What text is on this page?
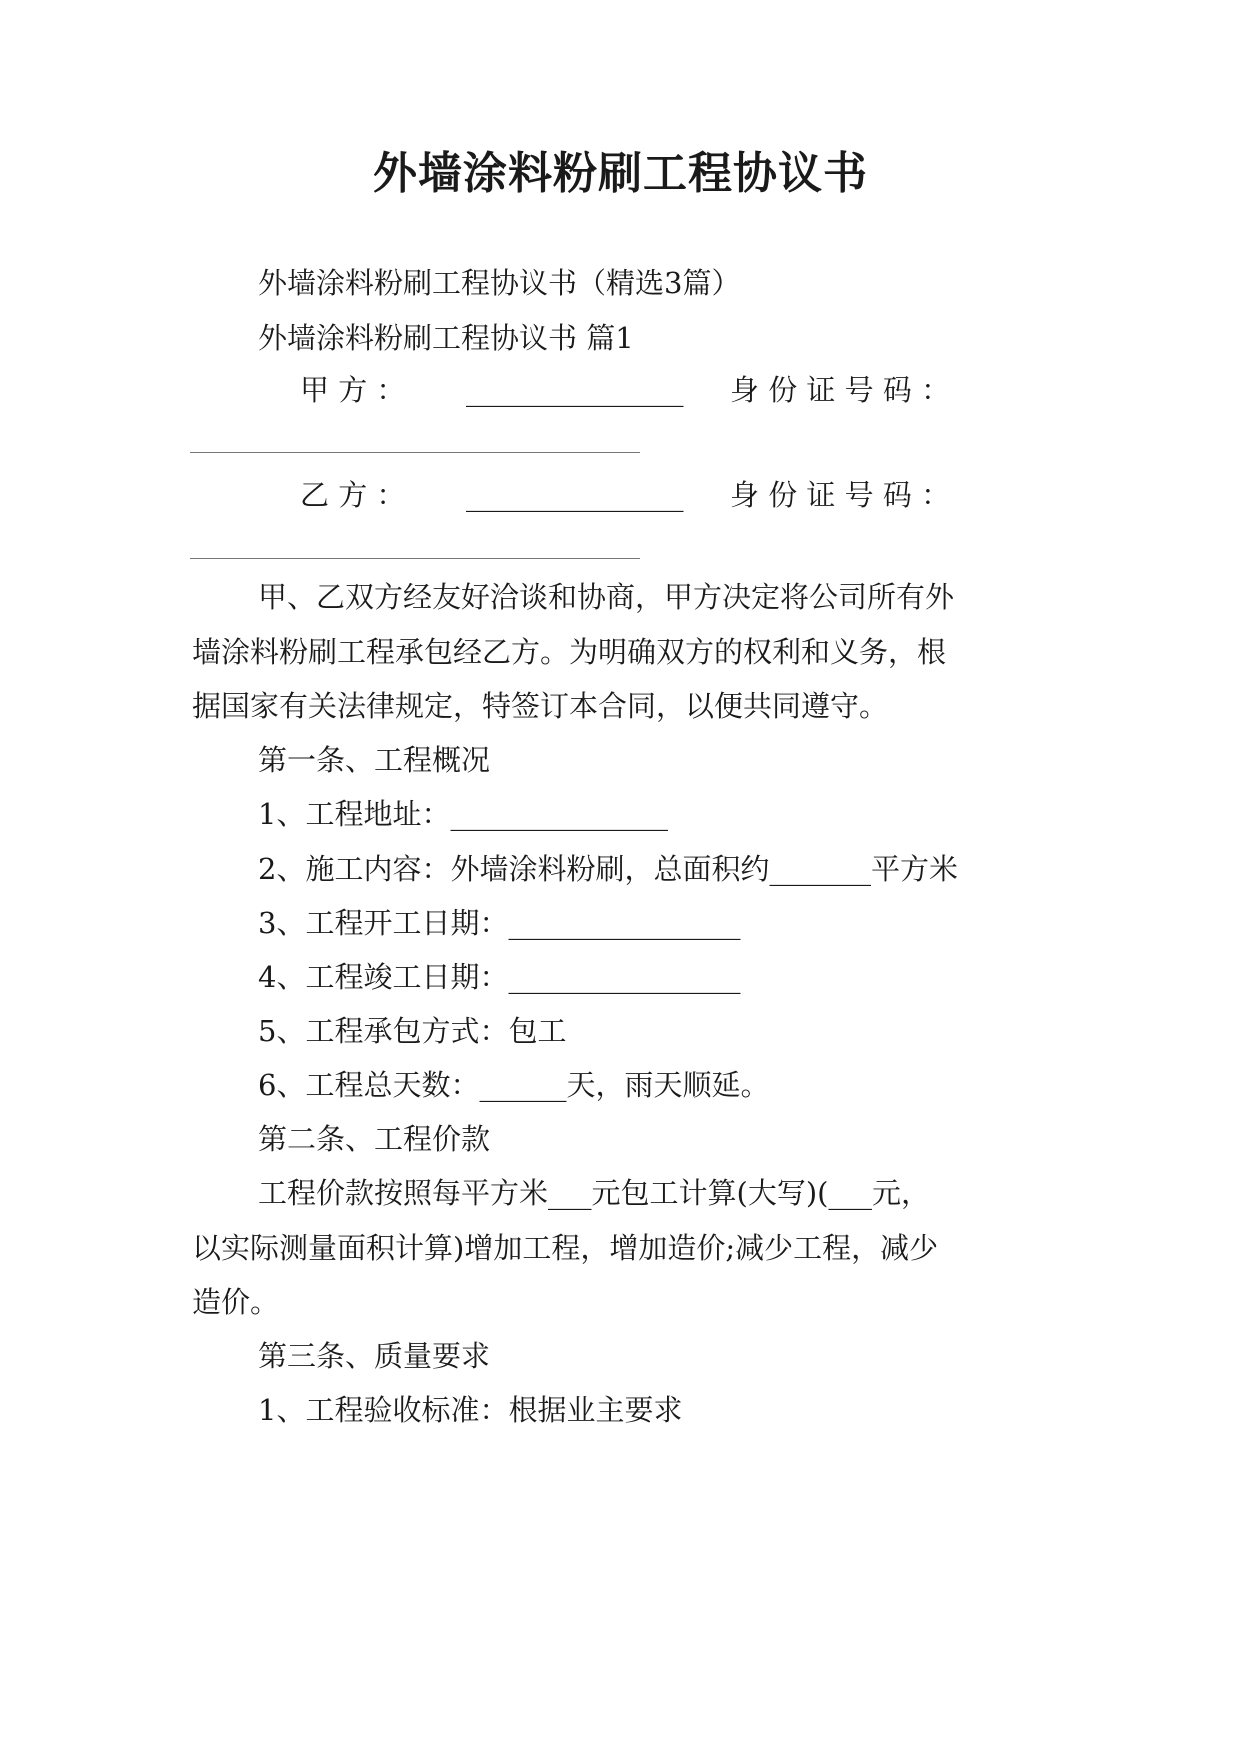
外墙涂料粉刷工程协议书
外墙涂料粉刷工程协议书（精选3篇）
外墙涂料粉刷工程协议书 篇1
甲 方 ： _______________ 身 份 证 号 码 ：
乙 方 ： _______________ 身 份 证 号 码 ：
甲、乙双方经友好洽谈和协商，甲方决定将公司所有外
墙涂料粉刷工程承包经乙方。为明确双方的权利和义务，根
据国家有关法律规定，特签订本合同，以便共同遵守。
第一条、工程概况
1、工程地址：_______________
2、施工内容：外墙涂料粉刷，总面积约_______平方米
3、工程开工日期：________________
4、工程竣工日期：________________
5、工程承包方式：包工
6、工程总天数：______天，雨天顺延。
第二条、工程价款
工程价款按照每平方米___元包工计算(大写)(___元，
以实际测量面积计算)增加工程，增加造价;减少工程，减少
造价。
第三条、质量要求
1、工程验收标准：根据业主要求
